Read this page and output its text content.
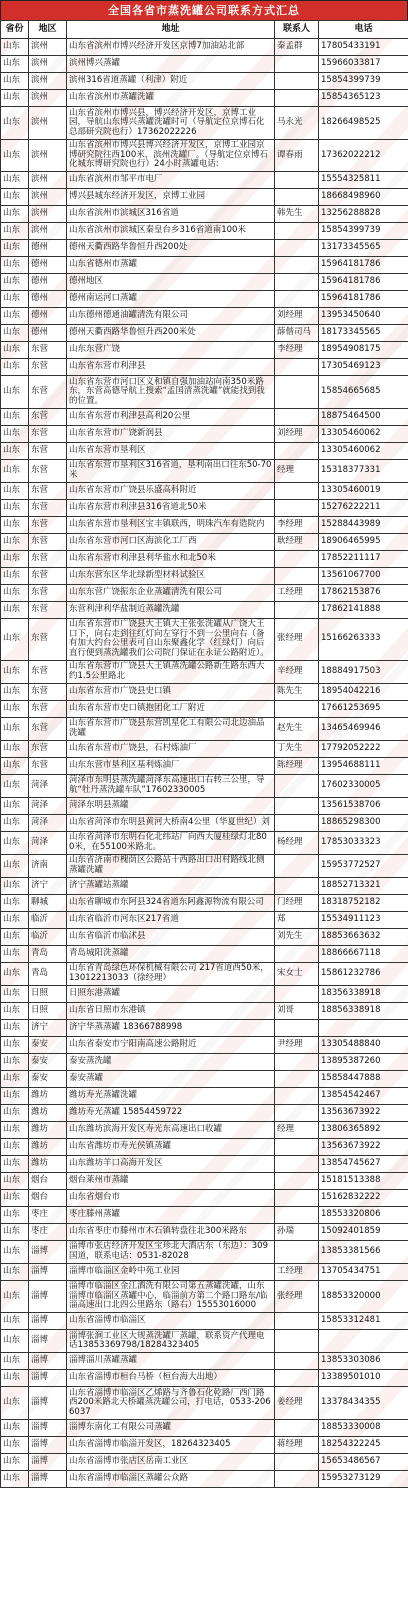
全国各省市蒸洗罐公司联系方式汇总
省份	地区	地址	联系人	电话
山东	滨州	山东省滨州市博兴经济开发区京博7加油站北部	秦孟群	17805433191
山东	滨州	滨州博兴蒸罐		15966033817
山东	滨州	滨州316省道蒸罐（利津）附近		15854399739
山东	滨州	山东省滨州市蒸罐洗罐		15854365123
山东	滨州	山东省滨州市博兴县，博兴经济开发区，京博工业园，导航山东博兴蒸罐洗罐时可（导航定位京博石化总部研究院也行）17362022226	马永光	18266498525
山东	滨州	山东省滨州市博兴县博兴经济开发区，京博工业园京博研究院往西100米，滨州洗罐厂。（导航定位京博石化城东博研究院也行）24小时蒸罐电话:	谭春雨	17362022212
山东	滨州	山东省滨州市邹平市电厂		15554325811
山东	滨州	博兴县城东经济开发区，京博工业园		18668498960
山东	滨州	山东省滨州市滨城区316省道	韩先生	13256288828
山东	滨州	山东省滨州市滨城区秦皇台乡316省道南100米		15854399739
山东	德州	德州天衢西路华鲁恒升西200处		13173345565
山东	德州	山东省德州市蒸罐		15964181786
山东	德州	德州地区		15964181786
山东	德州	德州南运河口蒸罐		15964181786
山东	德州	山东德州德通油罐清洗有限公司	刘经理	13953450640
山东	德州	德州天衢西路华鲁恒升西200米处	薛偕司马	18173345565
山东	东营	山东东营广饶	李经理	18954908175
山东	东营	山东省东营市利津县		17305469123
山东	东营	山东省东营市河口区义和镇自强加油站向南350米路东，东营高德导航上搜索“孟国清蒸洗罐”就能找到我的位置。		15854665685
山东	东营	山东省东营市利津县高利20公里		18875464500
山东	东营	山东省东营市广饶新润县	刘经理	13305460062
山东	东营	山东省东营市垦利区		13305460062
山东	东营	山东省东营市垦利区316省道，垦利南出口往东50-70米	经理	15318377331
山东	东营	山东省东营市广饶县乐盛高科附近		13305460019
山东	东营	山东省东营市利津县316省道北50米		15276222211
山东	东营	山东省东营市垦利区宝丰镇联西，明珠汽车有造院内	李经理	15288443989
山东	东营	山东省东营市河口区海滨化工厂西	耿经理	18906465995
山东	东营	山东省东营市利津县利华盐水和北50米		17852211117
山东	东营	山东东营东区华北绿新型材料试验区		13561067700
山东	东营	山东东营广饶振东企业蒸罐清洗有限公司	工经理	17862153876
山东	东营	东营利津利华盐制近蒸罐洗罐		17862141888
山东	东营	山东省东营市广饶县大王镇大王张张洗罐从广饶大王口下，向右走到往红灯向左穿行不到一公里向右（备有加大约台公里表可自山东聚鑫化学（红绿灯）向后直行便到蒸洗罐我们公司院门保证在永证公路附近）。	张经理	15166263333
山东	东营	山东省东营市广饶县大王镇蒸洗罐公路新生路东西大约1.5公里路北	辛经理	18884917503
山东	东营	山东省东营市广饶县史口镇	陈先生	18954042216
山东	东营	山东省东营市史口镇抱团化工厂附近		17661253695
山东	东营	山东省东营市广饶县东营凯星化工有限公司北边油品洗罐	赵先生	13465469946
山东	东营	山东省东营市广饶县，石村炼油厂	丁先生	17792052222
山东	东营	山东东营市垦利区基利炼油厂	陈经理	13954688111
山东	菏泽	菏泽市东明县蒸洗罐菏泽东高速出口右转三公里，导航“牡丹蒸洗罐车队”17602330005		17602330005
山东	菏泽	菏泽东明县蒸罐		13561538706
山东	菏泽	山东省菏泽市东明县黄河大桥南4公里（华夏世纪）刘		18865298300
山东	菏泽	山东省菏泽市东明石化北纬站厂向西大厦桂绿灯北800米，在55100米路北。	杨经理	17853033323
山东	济南	山东省济南市槐荫区公路站十西路出口出村路线北侧蒸罐洗罐		15953772527
山东	济宁	济宁蒸罐站蒸罐		18852713321
山东	聊城	山东省聊城市东阿县324省道东阿鑫源物流有限公司	门经理	18318752182
山东	临沂	山东省临沂市河东区217省道	郑	15534911123
山东	临沂	山东省临沂市临沭县	刘先生	18853663632
山东	青岛	青岛城阳洗蒸罐		18866667118
山东	青岛	山东省青岛绿色环保机械有限公司 217省道西50米，13012213033（徐经理）	宋女士	15861232786
山东	日照	日照东港蒸罐		18356338918
山东	日照	山东省日照市东港镇	刘哥	18856338918
山东	济宁	济宁华蒸蒸罐 18366788998		
山东	泰安	山东省泰安市宁阳南高速公路附近	尹经理	13305488840
山东	泰安	泰安蒸洗罐		13895387260
山东	泰安	泰安蒸罐		15858447888
山东	潍坊	潍坊寿光蒸罐洗罐		13854542467
山东	潍坊	潍坊寿光蒸罐 15854459722		13563673922
山东	潍坊	山东潍坊滨海开发区寿光东高速出口收罐	经理	13806365892
山东	潍坊	山东省潍坊市寿光侯镇蒸罐		13563673922
山东	潍坊	山东潍坊羊口高海开发区		13854745627
山东	烟台	烟台莱州市蒸罐		15181513388
山东	烟台	山东省烟台市		15162832222
山东	枣庄	枣庄滕州蒸罐		18553320806
山东	枣庄	山东省枣庄市滕州市木石镇转盘往北300米路东	孙瑞	15092401859
山东	淄博	淄博市张店经济开发区宝珍北大酒店东（东边）：309国道，联系电话：0531-82028		13853381566
山东	淄博	淄博市临淄区金岭中苑工业园	工经理	13705434751
山东	淄博	淄博市临淄区金江酒洗有限公司第五蒸罐洗罐，山东淄博市临淄区蒸罐中心，临淄前方第二个路口路东/临淄高速出口北四公里路东（路右）15553016000	张经理	18853320000
山东	淄博	山东省淄博市临淄区		15853312481
山东	淄博	淄博张涧工业区大规蒸洗罐厂蒸罐，联系资产代理电话13853369798/18284323405		
山东	淄博	淄博淄川蒸罐蒸罐		13853303086
山东	淄博	山东省淄博市桓台马桥（桓台海大出地）		13389501010
山东	淄博	山东省淄博市临淄区乙烯路与齐鲁石化乾路厂西门路西200米路北天桥罐蒸洗罐公司，打电话，0533-2066037	姜经理	13378434355
山东	淄博	淄博东南化工有限公司蒸罐		18853330008
山东	淄博	山东省淄博市临淄开发区，18264323405	蒋经理	18254322245
山东	淄博	山东省淄博市张店区岳南工业区		15653486567
山东	淄博	山东省淄博市临淄区蒸罐公众路		15953273129
